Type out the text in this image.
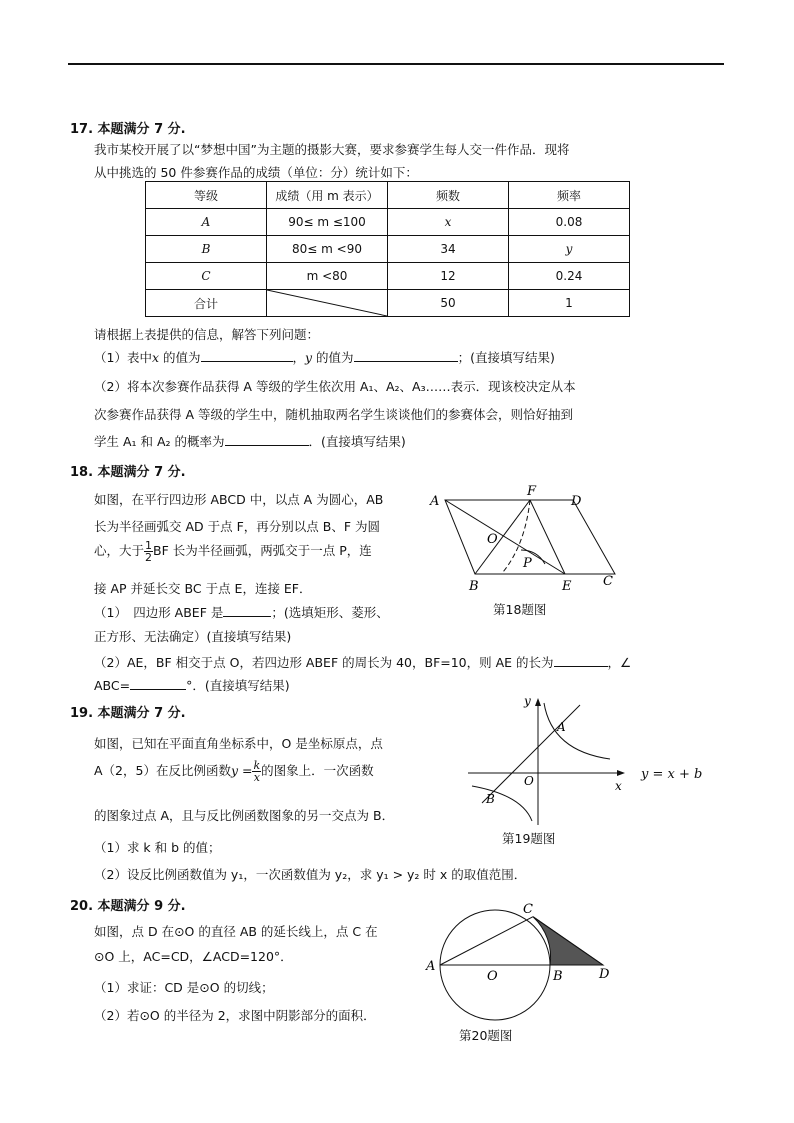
17. 本题满分 7 分.
我市某校开展了以“梦想中国”为主题的摄影大赛，要求参赛学生每人交一件作品．现将
从中挑选的 50 件参赛作品的成绩（单位：分）统计如下：
等级	成绩（用 m 表示）	频数	频率
A	90≤ m ≤100	x	0.08
B	80≤ m <90	34	y
C	m <80	12	0.24
合计		50	1
请根据上表提供的信息，解答下列问题：
（1）表中x 的值为	，y 的值为	；(直接填写结果)
（2）将本次参赛作品获得 A 等级的学生依次用 A₁、A₂、A₃……表示．现该校决定从本
次参赛作品获得 A 等级的学生中，随机抽取两名学生谈谈他们的参赛体会，则恰好抽到
学生 A₁ 和 A₂ 的概率为	．(直接填写结果)
18. 本题满分 7 分.
如图，在平行四边形 ABCD 中，以点 A 为圆心，AB
长为半径画弧交 AD 于点 F，再分别以点 B、F 为圆
心，大于 $\frac{1}{2}$ BF 长为半径画弧，两弧交于一点 P，连
接 AP 并延长交 BC 于点 E，连接 EF．
（1）　四边形 ABEF 是	；(选填矩形、菱形、
正方形、无法确定）(直接填写结果)
（2）AE，BF 相交于点 O，若四边形 ABEF 的周长为 40，BF=10，则 AE 的长为	，∠
ABC=	°．(直接填写结果)
A
F
D
O
P
B	E C
第18题图
19. 本题满分 7 分.
如图，已知在平面直角坐标系中，O 是坐标原点，点
A（2，5）在反比例函数$y = \frac{k}{x}$ 的图象上．一次函数
的图象过点 A，且与反比例函数图象的另一交点为 B．
（1）求 k 和 b 的值；
（2）设反比例函数值为 y₁，一次函数值为 y₂，求 y₁ > y₂ 时 x 的取值范围．
y
x
O
A
B
y = x + b
第19题图
20. 本题满分 9 分.
如图，点 D 在⊙O 的直径 AB 的延长线上，点 C 在
⊙O 上，AC=CD，∠ACD=120°．
（1）求证：CD 是⊙O 的切线；
（2）若⊙O 的半径为 2，求图中阴影部分的面积．
A
O	B
C
D
第20题图
